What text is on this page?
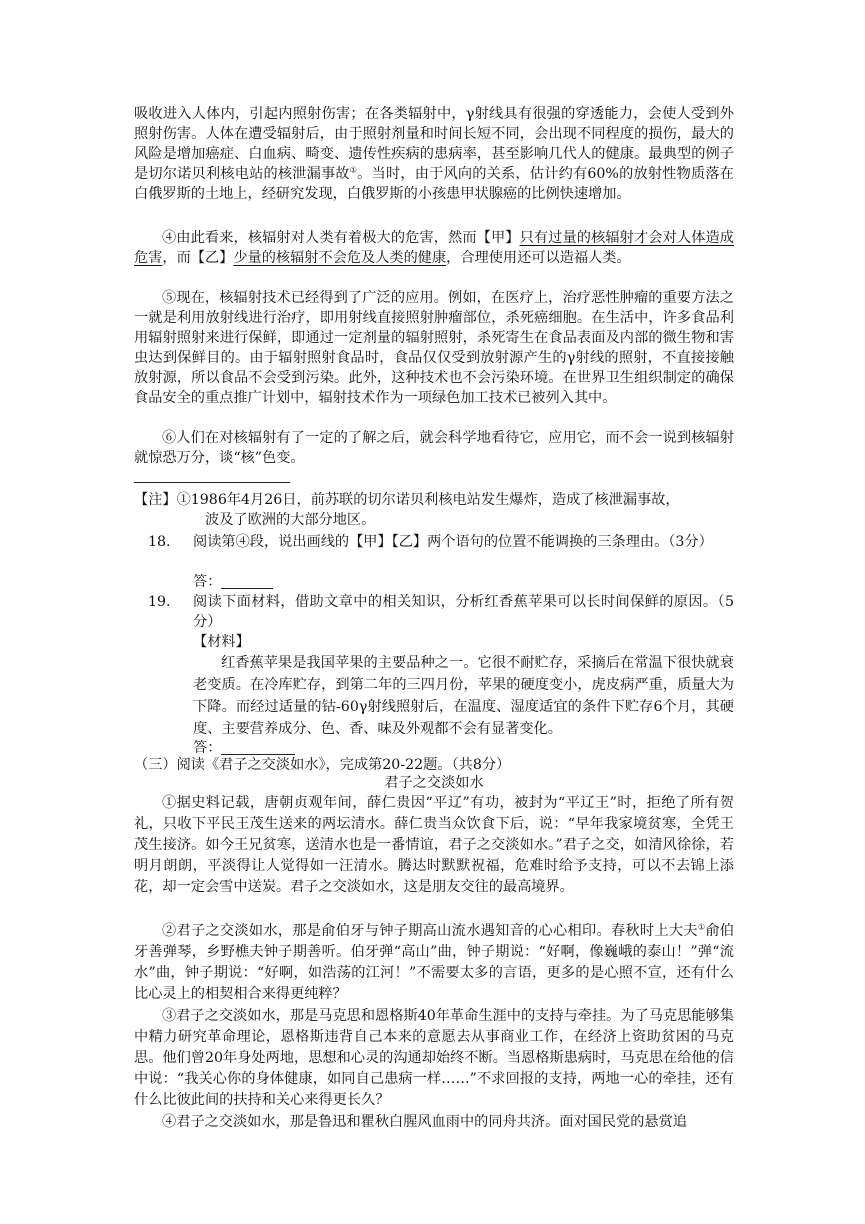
吸收进入人体内，引起内照射伤害；在各类辐射中，γ射线具有很强的穿透能力，会使人受到外照射伤害。人体在遭受辐射后，由于照射剂量和时间长短不同，会出现不同程度的损伤，最大的风险是增加癌症、白血病、畸变、遗传性疾病的患病率，甚至影响几代人的健康。最典型的例子是切尔诺贝利核电站的核泄漏事故①。当时，由于风向的关系，估计约有60%的放射性物质落在白俄罗斯的土地上，经研究发现，白俄罗斯的小孩患甲状腺癌的比例快速增加。

④由此看来，核辐射对人类有着极大的危害，然而【甲】只有过量的核辐射才会对人体造成危害，而【乙】少量的核辐射不会危及人类的健康，合理使用还可以造福人类。

⑤现在，核辐射技术已经得到了广泛的应用。例如，在医疗上，治疗恶性肿瘤的重要方法之一就是利用放射线进行治疗，即用射线直接照射肿瘤部位，杀死癌细胞。在生活中，许多食品利用辐射照射来进行保鲜，即通过一定剂量的辐射照射，杀死寄生在食品表面及内部的微生物和害虫达到保鲜目的。由于辐射照射食品时，食品仅仅受到放射源产生的γ射线的照射，不直接接触放射源，所以食品不会受到污染。此外，这种技术也不会污染环境。在世界卫生组织制定的确保食品安全的重点推广计划中，辐射技术作为一项绿色加工技术已被列入其中。

⑥人们在对核辐射有了一定的了解之后，就会科学地看待它，应用它，而不会一说到核辐射就惊恐万分，谈“核”色变。

【注】①1986年4月26日，前苏联的切尔诺贝利核电站发生爆炸，造成了核泄漏事故，
波及了欧洲的大部分地区。
18. 阅读第④段，说出画线的【甲】【乙】两个语句的位置不能调换的三条理由。（3分）

答：
19. 阅读下面材料，借助文章中的相关知识，分析红香蕉苹果可以长时间保鲜的原因。（5分）

【材料】

红香蕉苹果是我国苹果的主要品种之一。它很不耐贮存，采摘后在常温下很快就衰老变质。在冷库贮存，到第二年的三四月份，苹果的硬度变小，虎皮病严重，质量大为下降。而经过适量的钴-60γ射线照射后，在温度、湿度适宜的条件下贮存6个月，其硬度、主要营养成分、色、香、味及外观都不会有显著变化。

答：
（三）阅读《君子之交淡如水》，完成第20-22题。（共8分）
君子之交淡如水

①据史料记载，唐朝贞观年间，薛仁贵因“平辽”有功，被封为“平辽王”时，拒绝了所有贺礼，只收下平民王茂生送来的两坛清水。薛仁贵当众饮食下后，说：“早年我家境贫寒，全凭王茂生接济。如今王兄贫寒，送清水也是一番情谊，君子之交淡如水。”君子之交，如清风徐徐，若明月朗朗，平淡得让人觉得如一汪清水。腾达时默默祝福，危难时给予支持，可以不去锦上添花，却一定会雪中送炭。君子之交淡如水，这是朋友交往的最高境界。

②君子之交淡如水，那是俞伯牙与钟子期高山流水遇知音的心心相印。春秋时上大夫①俞伯牙善弹琴，乡野樵夫钟子期善听。伯牙弹“高山”曲，钟子期说：“好啊，像巍峨的泰山！”弹“流水”曲，钟子期说：“好啊，如浩荡的江河！”不需要太多的言语，更多的是心照不宣，还有什么比心灵上的相契相合来得更纯粹？

③君子之交淡如水，那是马克思和恩格斯40年革命生涯中的支持与牵挂。为了马克思能够集中精力研究革命理论，恩格斯违背自己本来的意愿去从事商业工作，在经济上资助贫困的马克思。他们曾20年身处两地，思想和心灵的沟通却始终不断。当恩格斯患病时，马克思在给他的信中说：“我关心你的身体健康，如同自己患病一样……”不求回报的支持，两地一心的牵挂，还有什么比彼此间的扶持和关心来得更长久？

④君子之交淡如水，那是鲁迅和瞿秋白腥风血雨中的同舟共济。面对国民党的悬赏追
